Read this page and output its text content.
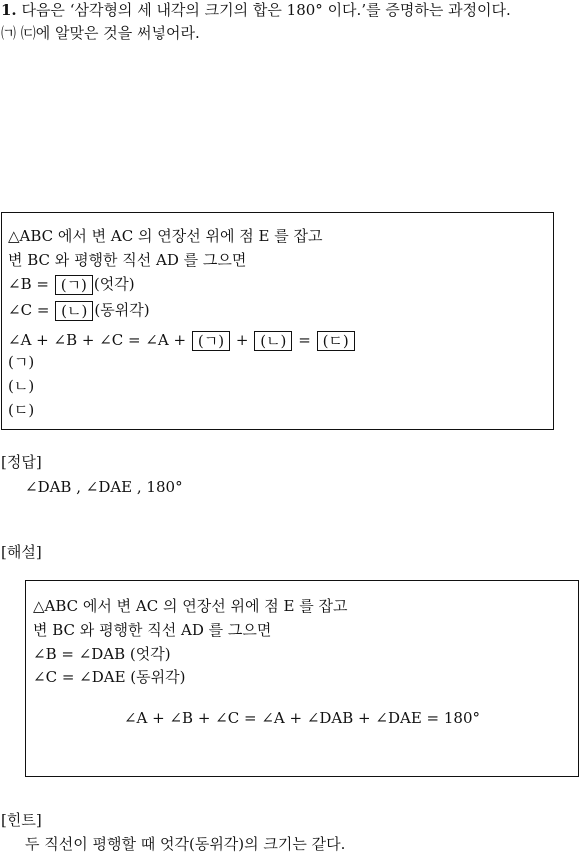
1. 다음은 ‘삼각형의 세 내각의 크기의 합은 180° 이다.’를 증명하는 과정이다.
㈀ ㈂에 알맞은 것을 써넣어라.
△ABC 에서 변 AC 의 연장선 위에 점 E 를 잡고
변 BC 와 평행한 직선 AD 를 그으면
∠B = (ㄱ) (엇각)
∠C = (ㄴ) (동위각)
∠A + ∠B + ∠C = ∠A + (ㄱ) + (ㄴ) = (ㄷ)
(ㄱ)
(ㄴ)
(ㄷ)
[정답]
∠DAB , ∠DAE , 180°
[해설]
△ABC 에서 변 AC 의 연장선 위에 점 E 를 잡고
변 BC 와 평행한 직선 AD 를 그으면
∠B = ∠DAB (엇각)
∠C = ∠DAE (동위각)
∠A + ∠B + ∠C = ∠A + ∠DAB + ∠DAE = 180°
[힌트]
두 직선이 평행할 때 엇각(동위각)의 크기는 같다.
